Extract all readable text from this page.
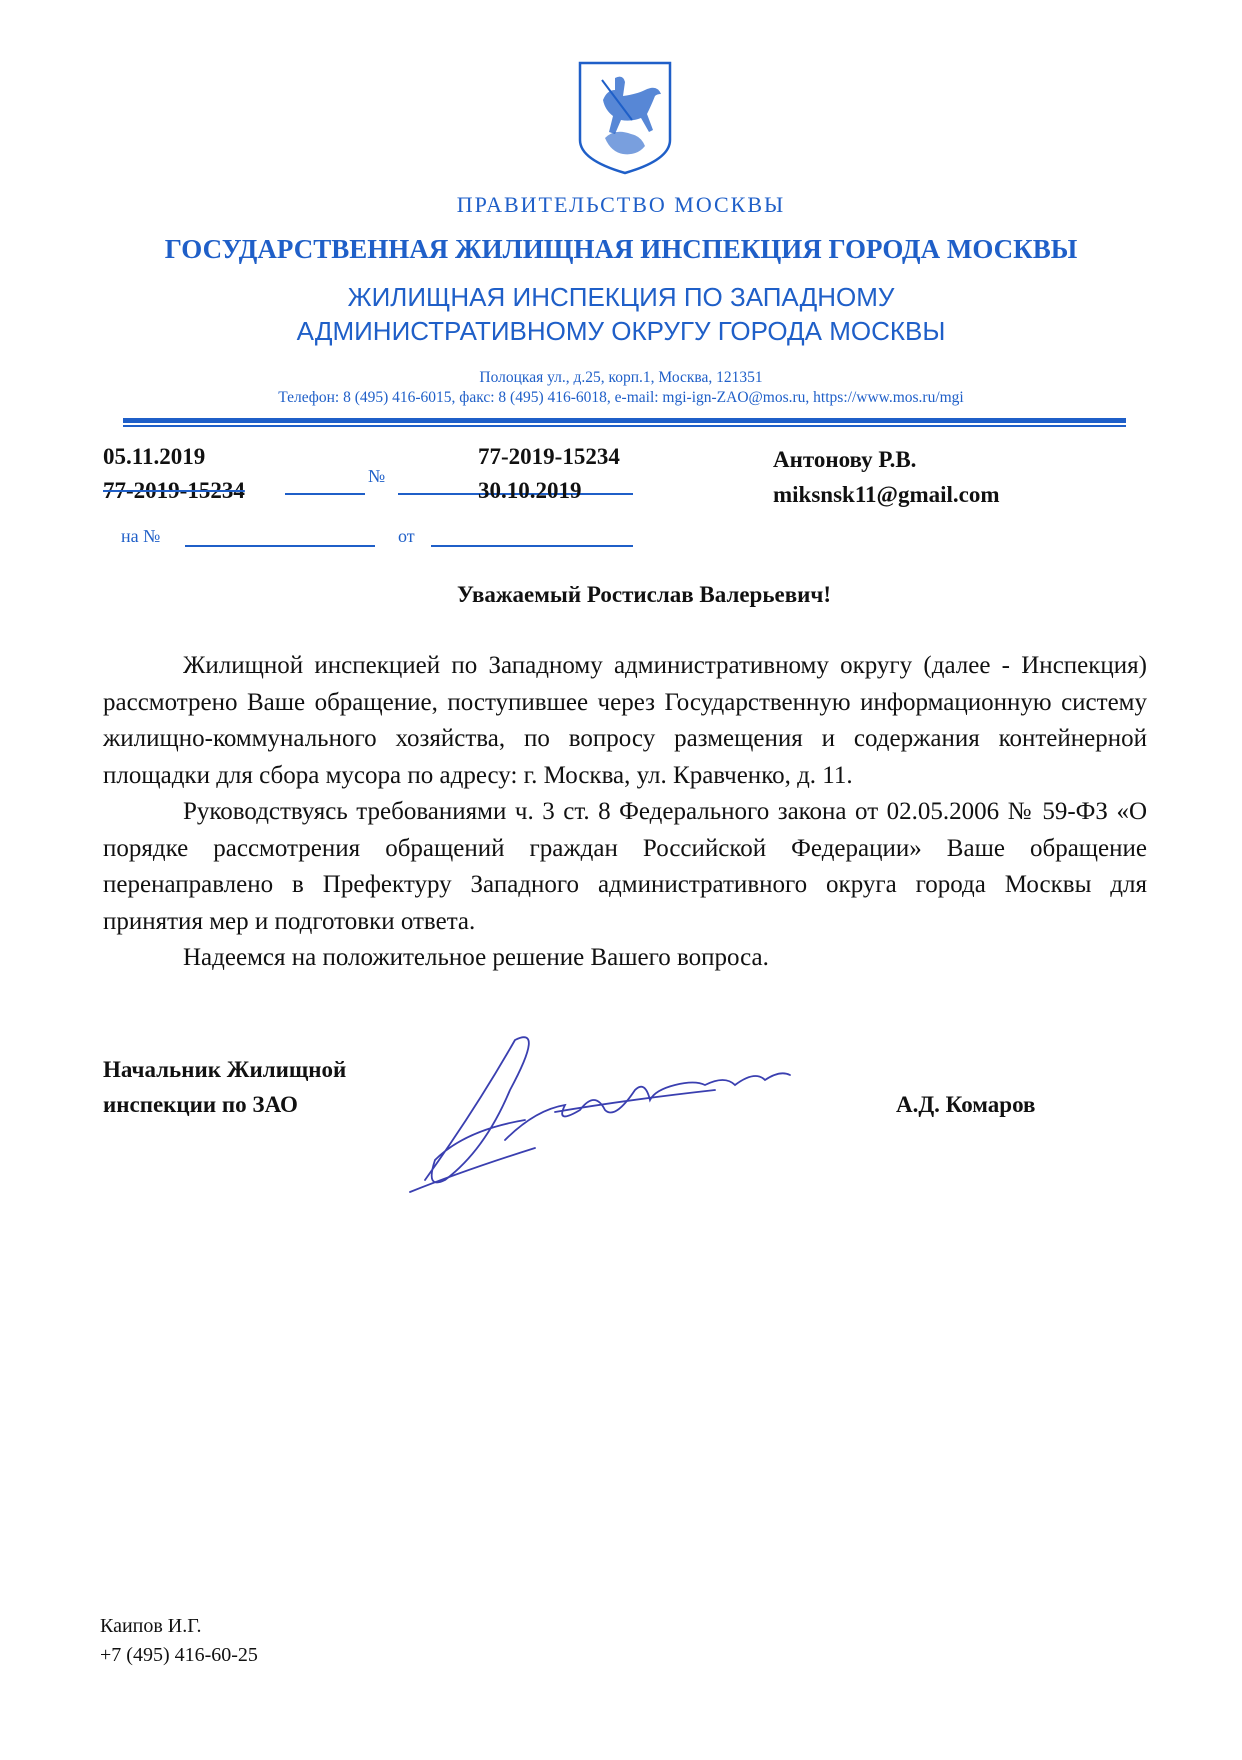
ПРАВИТЕЛЬСТВО МОСКВЫ
ГОСУДАРСТВЕННАЯ ЖИЛИЩНАЯ ИНСПЕКЦИЯ ГОРОДА МОСКВЫ
ЖИЛИЩНАЯ ИНСПЕКЦИЯ ПО ЗАПАДНОМУ
АДМИНИСТРАТИВНОМУ ОКРУГУ ГОРОДА МОСКВЫ
Полоцкая ул., д.25, корп.1, Москва, 121351
Телефон: 8 (495) 416-6015, факс: 8 (495) 416-6018, e-mail: mgi-ign-ZAO@mos.ru, https://www.mos.ru/mgi
05.11.2019
77-2019-15234
№
77-2019-15234
30.10.2019
Антонову Р.В.
miksnsk11@gmail.com
на №	от
Уважаемый Ростислав Валерьевич!

Жилищной инспекцией по Западному административному округу (далее - Инспекция) рассмотрено Ваше обращение, поступившее через Государственную информационную систему жилищно-коммунального хозяйства, по вопросу размещения и содержания контейнерной площадки для сбора мусора по адресу: г. Москва, ул. Кравченко, д. 11.

Руководствуясь требованиями ч. 3 ст. 8 Федерального закона от 02.05.2006 № 59-ФЗ «О порядке рассмотрения обращений граждан Российской Федерации» Ваше обращение перенаправлено в Префектуру Западного административного округа города Москвы для принятия мер и подготовки ответа.

Надеемся на положительное решение Вашего вопроса.

Начальник Жилищной
инспекции по ЗАО	А.Д. Комаров
Каипов И.Г.
+7 (495) 416-60-25
